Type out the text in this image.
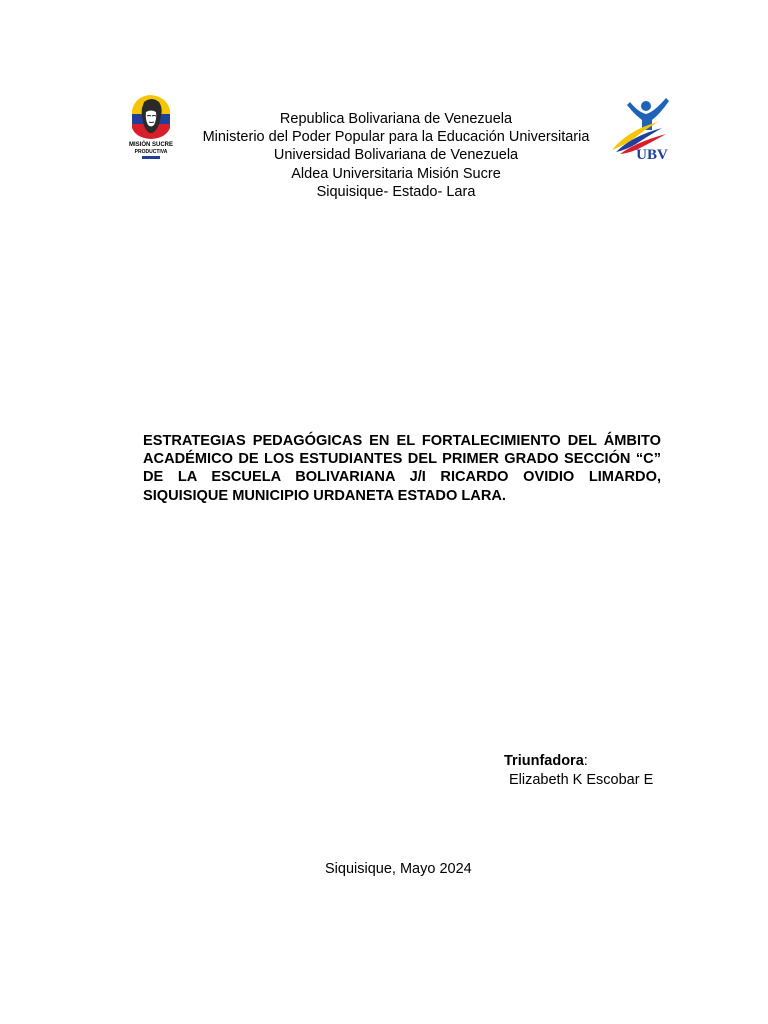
MISIÓN SUCRE
PRODUCTIVA
Republica Bolivariana de Venezuela
Ministerio del Poder Popular para la Educación Universitaria
Universidad Bolivariana de Venezuela
Aldea Universitaria Misión Sucre
Siquisique- Estado- Lara
UBV
ESTRATEGIAS PEDAGÓGICAS EN EL FORTALECIMIENTO DEL ÁMBITO ACADÉMICO DE LOS ESTUDIANTES DEL PRIMER GRADO SECCIÓN “C” DE LA ESCUELA BOLIVARIANA J/I RICARDO OVIDIO LIMARDO, SIQUISIQUE MUNICIPIO URDANETA ESTADO LARA.
Triunfadora:
Elizabeth K Escobar E
Siquisique, Mayo 2024
